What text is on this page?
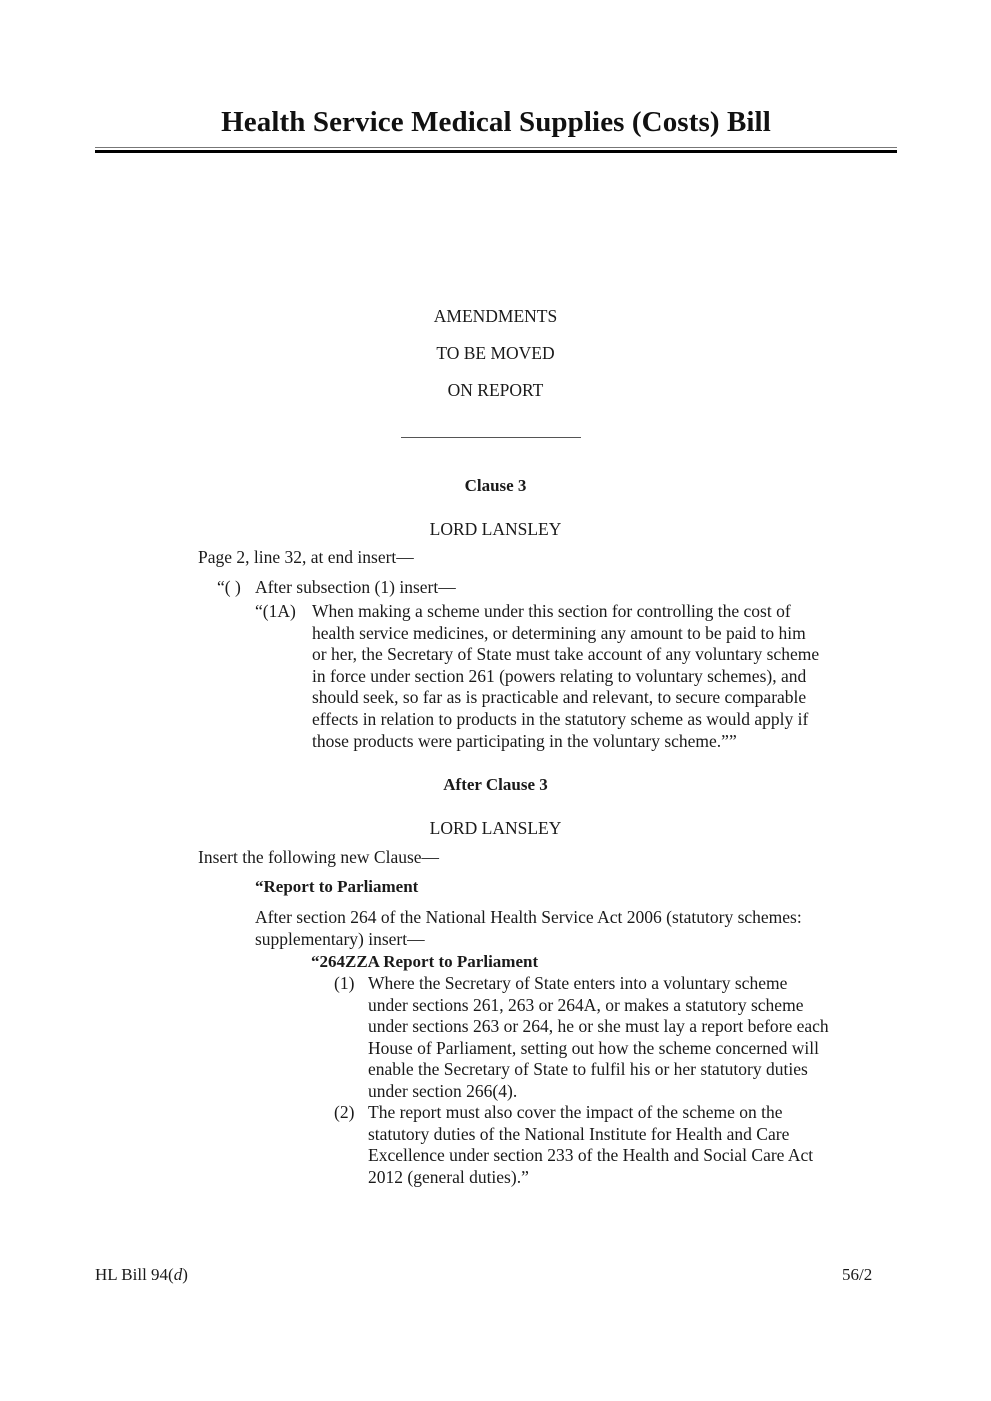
Health Service Medical Supplies (Costs) Bill
AMENDMENTS
TO BE MOVED
ON REPORT
Clause 3
LORD LANSLEY
Page 2, line 32, at end insert—
“( ) After subsection (1) insert—
“(1A) When making a scheme under this section for controlling the cost of
health service medicines, or determining any amount to be paid to him
or her, the Secretary of State must take account of any voluntary scheme
in force under section 261 (powers relating to voluntary schemes), and
should seek, so far as is practicable and relevant, to secure comparable
effects in relation to products in the statutory scheme as would apply if
those products were participating in the voluntary scheme.””
After Clause 3
LORD LANSLEY
Insert the following new Clause—
“Report to Parliament
After section 264 of the National Health Service Act 2006 (statutory schemes:
supplementary) insert—
“264ZZA Report to Parliament
(1) Where the Secretary of State enters into a voluntary scheme
under sections 261, 263 or 264A, or makes a statutory scheme
under sections 263 or 264, he or she must lay a report before each
House of Parliament, setting out how the scheme concerned will
enable the Secretary of State to fulfil his or her statutory duties
under section 266(4).
(2) The report must also cover the impact of the scheme on the
statutory duties of the National Institute for Health and Care
Excellence under section 233 of the Health and Social Care Act
2012 (general duties).”
HL Bill 94(d)	56/2
